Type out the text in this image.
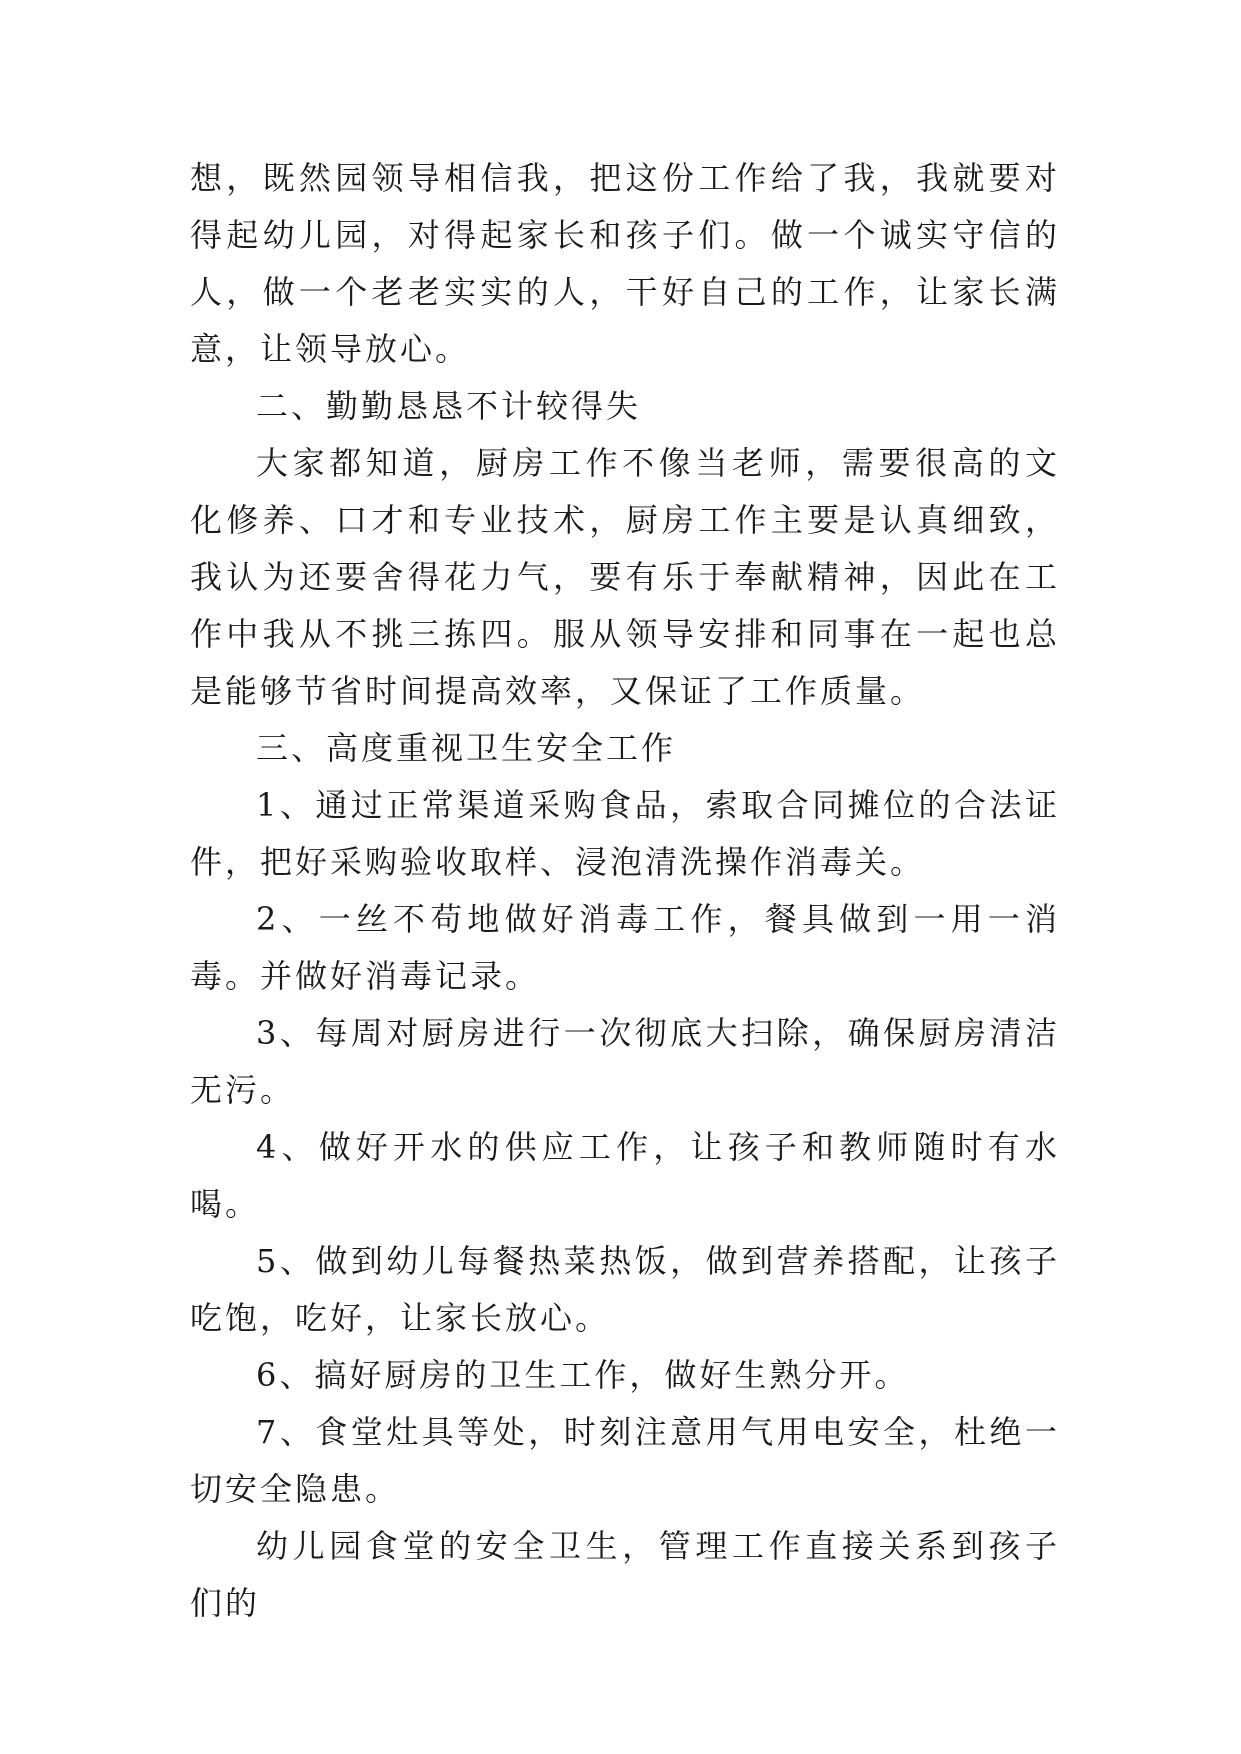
想，既然园领导相信我，把这份工作给了我，我就要对得起幼儿园，对得起家长和孩子们。做一个诚实守信的人，做一个老老实实的人，干好自己的工作，让家长满意，让领导放心。

二、勤勤恳恳不计较得失

大家都知道，厨房工作不像当老师，需要很高的文化修养、口才和专业技术，厨房工作主要是认真细致，我认为还要舍得花力气，要有乐于奉献精神，因此在工作中我从不挑三拣四。服从领导安排和同事在一起也总是能够节省时间提高效率，又保证了工作质量。

三、高度重视卫生安全工作

1、通过正常渠道采购食品，索取合同摊位的合法证件，把好采购验收取样、浸泡清洗操作消毒关。

2、一丝不苟地做好消毒工作，餐具做到一用一消毒。并做好消毒记录。

3、每周对厨房进行一次彻底大扫除，确保厨房清洁无污。

4、做好开水的供应工作，让孩子和教师随时有水喝。

5、做到幼儿每餐热菜热饭，做到营养搭配，让孩子吃饱，吃好，让家长放心。

6、搞好厨房的卫生工作，做好生熟分开。

7、食堂灶具等处，时刻注意用气用电安全，杜绝一切安全隐患。

幼儿园食堂的安全卫生，管理工作直接关系到孩子们的
